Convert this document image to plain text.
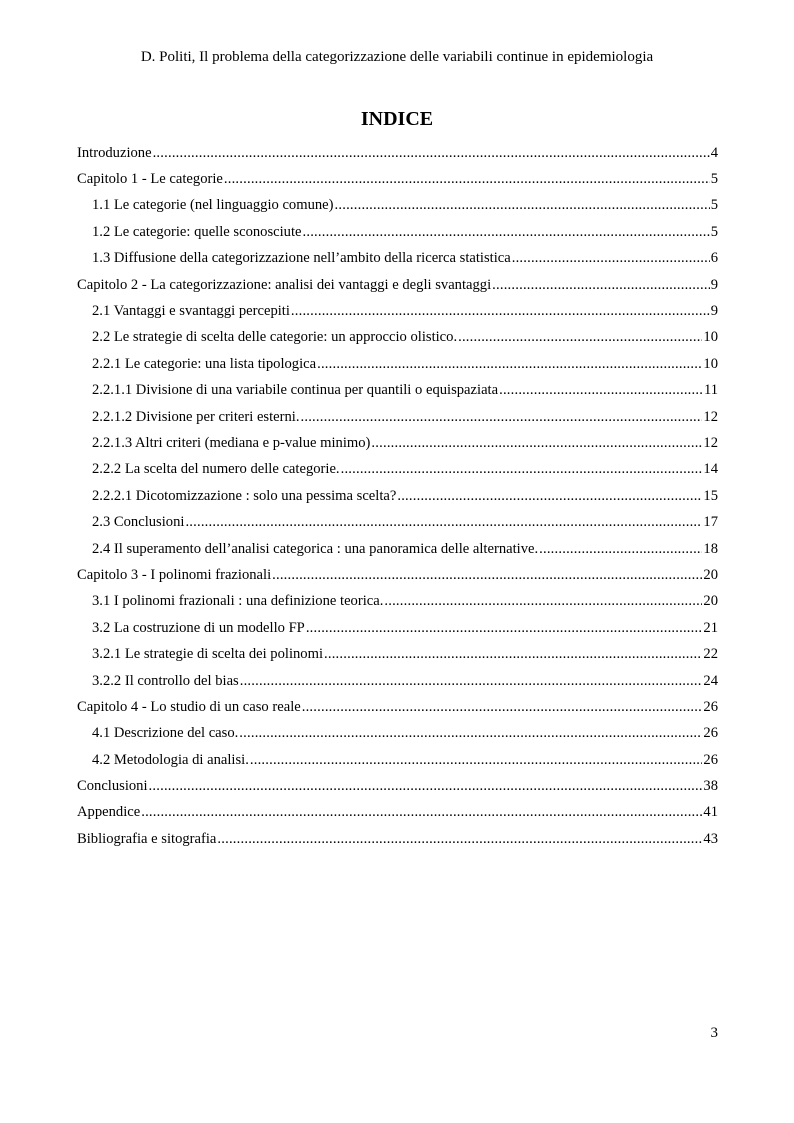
D. Politi, Il problema della categorizzazione delle variabili continue in epidemiologia
INDICE
Introduzione .....	4
Capitolo 1 - Le categorie .....	5
1.1 Le categorie (nel linguaggio comune) .....	5
1.2 Le categorie: quelle sconosciute .....	5
1.3 Diffusione della categorizzazione nell’ambito della ricerca statistica .....	6
Capitolo 2 - La categorizzazione: analisi dei vantaggi e degli svantaggi .....	9
2.1 Vantaggi e svantaggi percepiti .....	9
2.2 Le strategie di scelta delle categorie: un approccio olistico. .....	10
2.2.1 Le categorie: una lista tipologica .....	10
2.2.1.1 Divisione di una variabile continua per quantili o equispaziata .....	11
2.2.1.2 Divisione per criteri esterni. .....	12
2.2.1.3 Altri criteri (mediana e p-value minimo) .....	12
2.2.2 La scelta del numero delle categorie. .....	14
2.2.2.1 Dicotomizzazione : solo una pessima scelta? .....	15
2.3 Conclusioni .....	17
2.4 Il superamento dell’analisi categorica : una panoramica delle alternative. .....	18
Capitolo 3 - I polinomi frazionali .....	20
3.1 I polinomi frazionali : una definizione teorica. .....	20
3.2 La costruzione di un modello FP .....	21
3.2.1 Le strategie di scelta dei polinomi .....	22
3.2.2 Il controllo del bias .....	24
Capitolo 4 - Lo studio di un caso reale .....	26
4.1 Descrizione del caso. .....	26
4.2 Metodologia di analisi. .....	26
Conclusioni .....	38
Appendice .....	41
Bibliografia e sitografia .....	43
3
